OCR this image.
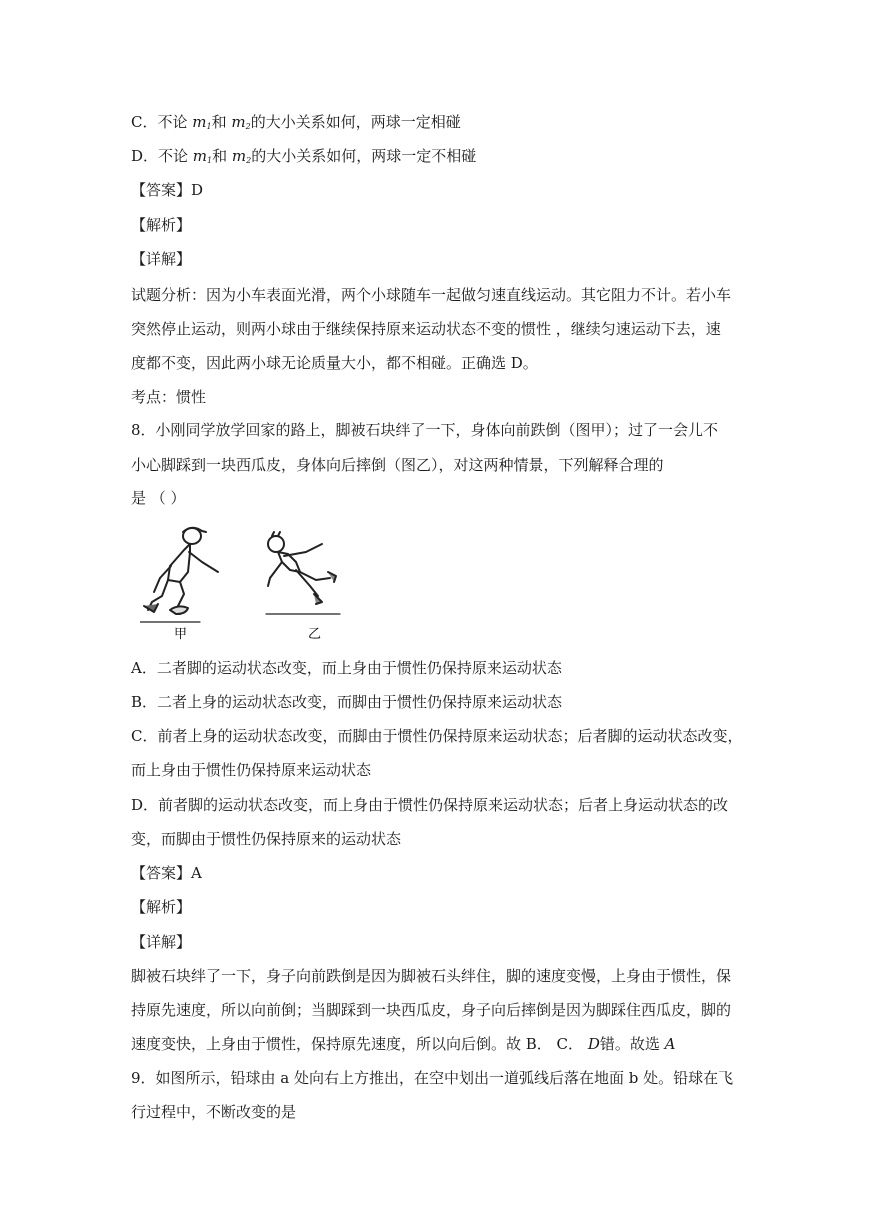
C．不论 $m_1$和 $m_2$的大小关系如何，两球一定相碰
D．不论 $m_1$和 $m_2$的大小关系如何，两球一定不相碰
【答案】D
【解析】
【详解】
试题分析：因为小车表面光滑，两个小球随车一起做匀速直线运动。其它阻力不计。若小车
突然停止运动，则两小球由于继续保持原来运动状态不变的惯性 ，继续匀速运动下去，速
度都不变，因此两小球无论质量大小，都不相碰。正确选 D。
考点：惯性
8．小刚同学放学回家的路上，脚被石块绊了一下，身体向前跌倒（图甲）；过了一会儿不
小心脚踩到一块西瓜皮，身体向后摔倒（图乙），对这两种情景，下列解释合理的
是 （ ）
甲	乙
A．二者脚的运动状态改变，而上身由于惯性仍保持原来运动状态
B．二者上身的运动状态改变，而脚由于惯性仍保持原来运动状态
C．前者上身的运动状态改变，而脚由于惯性仍保持原来运动状态；后者脚的运动状态改变，
而上身由于惯性仍保持原来运动状态
D．前者脚的运动状态改变，而上身由于惯性仍保持原来运动状态；后者上身运动状态的改
变，而脚由于惯性仍保持原来的运动状态
【答案】A
【解析】
【详解】
脚被石块绊了一下，身子向前跌倒是因为脚被石头绊住，脚的速度变慢，上身由于惯性，保
持原先速度，所以向前倒；当脚踩到一块西瓜皮，身子向后摔倒是因为脚踩住西瓜皮，脚的
速度变快，上身由于惯性，保持原先速度，所以向后倒。故 B． C． D错。故选 A
9．如图所示，铅球由 a 处向右上方推出，在空中划出一道弧线后落在地面 b 处。铅球在飞
行过程中，不断改变的是
